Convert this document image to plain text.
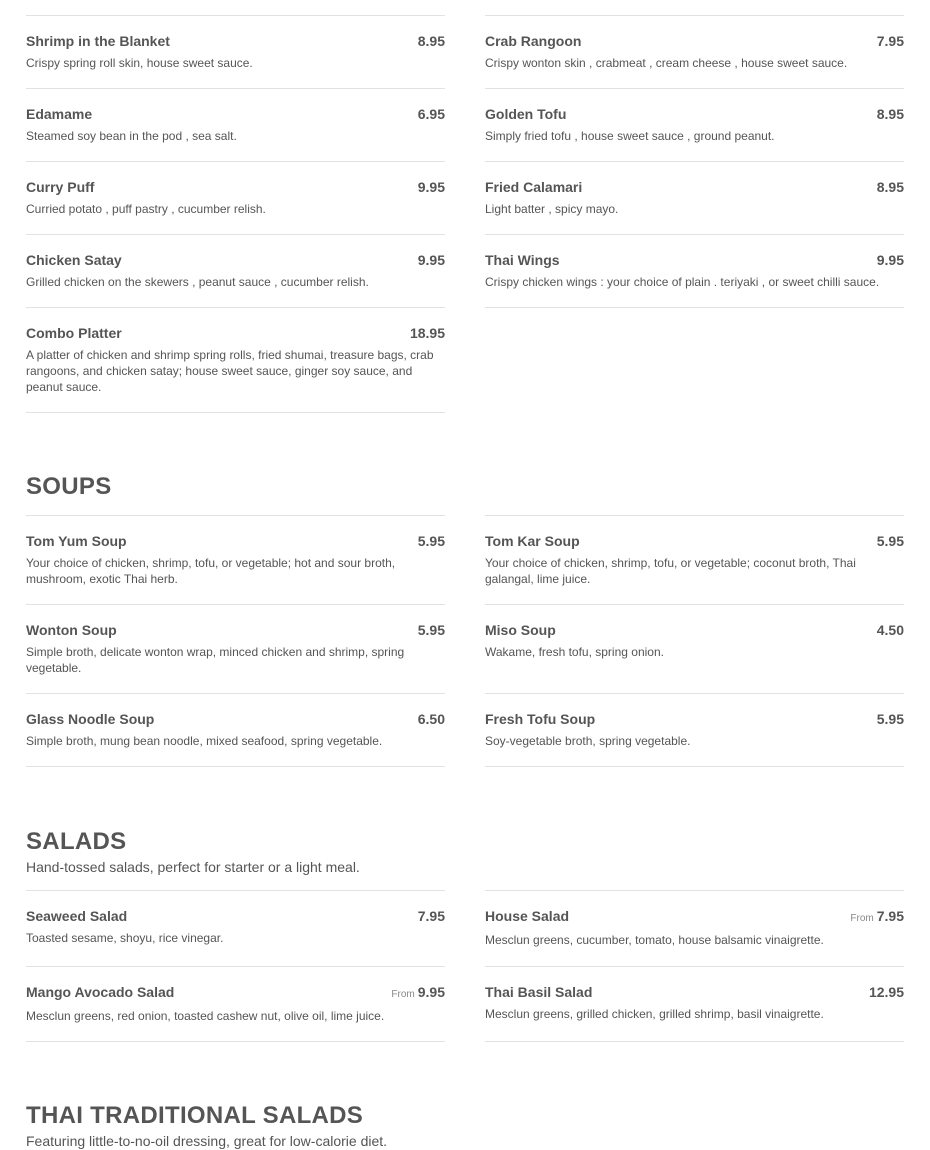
Shrimp in the Blanket	8.95
Crispy spring roll skin, house sweet sauce.
Edamame	6.95
Steamed soy bean in the pod , sea salt.
Curry Puff	9.95
Curried potato , puff pastry , cucumber relish.
Chicken Satay	9.95
Grilled chicken on the skewers , peanut sauce , cucumber relish.
Combo Platter	18.95
A platter of chicken and shrimp spring rolls, fried shumai, treasure bags, crab rangoons, and chicken satay; house sweet sauce, ginger soy sauce, and peanut sauce.
Crab Rangoon	7.95
Crispy wonton skin , crabmeat , cream cheese , house sweet sauce.
Golden Tofu	8.95
Simply fried tofu , house sweet sauce , ground peanut.
Fried Calamari	8.95
Light batter , spicy mayo.
Thai Wings	9.95
Crispy chicken wings : your choice of plain . teriyaki , or sweet chilli sauce.
SOUPS
Tom Yum Soup	5.95
Your choice of chicken, shrimp, tofu, or vegetable; hot and sour broth, mushroom, exotic Thai herb.
Wonton Soup	5.95
Simple broth, delicate wonton wrap, minced chicken and shrimp, spring vegetable.
Glass Noodle Soup	6.50
Simple broth, mung bean noodle, mixed seafood, spring vegetable.
Tom Kar Soup	5.95
Your choice of chicken, shrimp, tofu, or vegetable; coconut broth, Thai galangal, lime juice.
Miso Soup	4.50
Wakame, fresh tofu, spring onion.
Fresh Tofu Soup	5.95
Soy-vegetable broth, spring vegetable.
SALADS
Hand-tossed salads, perfect for starter or a light meal.
Seaweed Salad	7.95
Toasted sesame, shoyu, rice vinegar.
Mango Avocado Salad	From 9.95
Mesclun greens, red onion, toasted cashew nut, olive oil, lime juice.
House Salad	From 7.95
Mesclun greens, cucumber, tomato, house balsamic vinaigrette.
Thai Basil Salad	12.95
Mesclun greens, grilled chicken, grilled shrimp, basil vinaigrette.
THAI TRADITIONAL SALADS
Featuring little-to-no-oil dressing, great for low-calorie diet.
